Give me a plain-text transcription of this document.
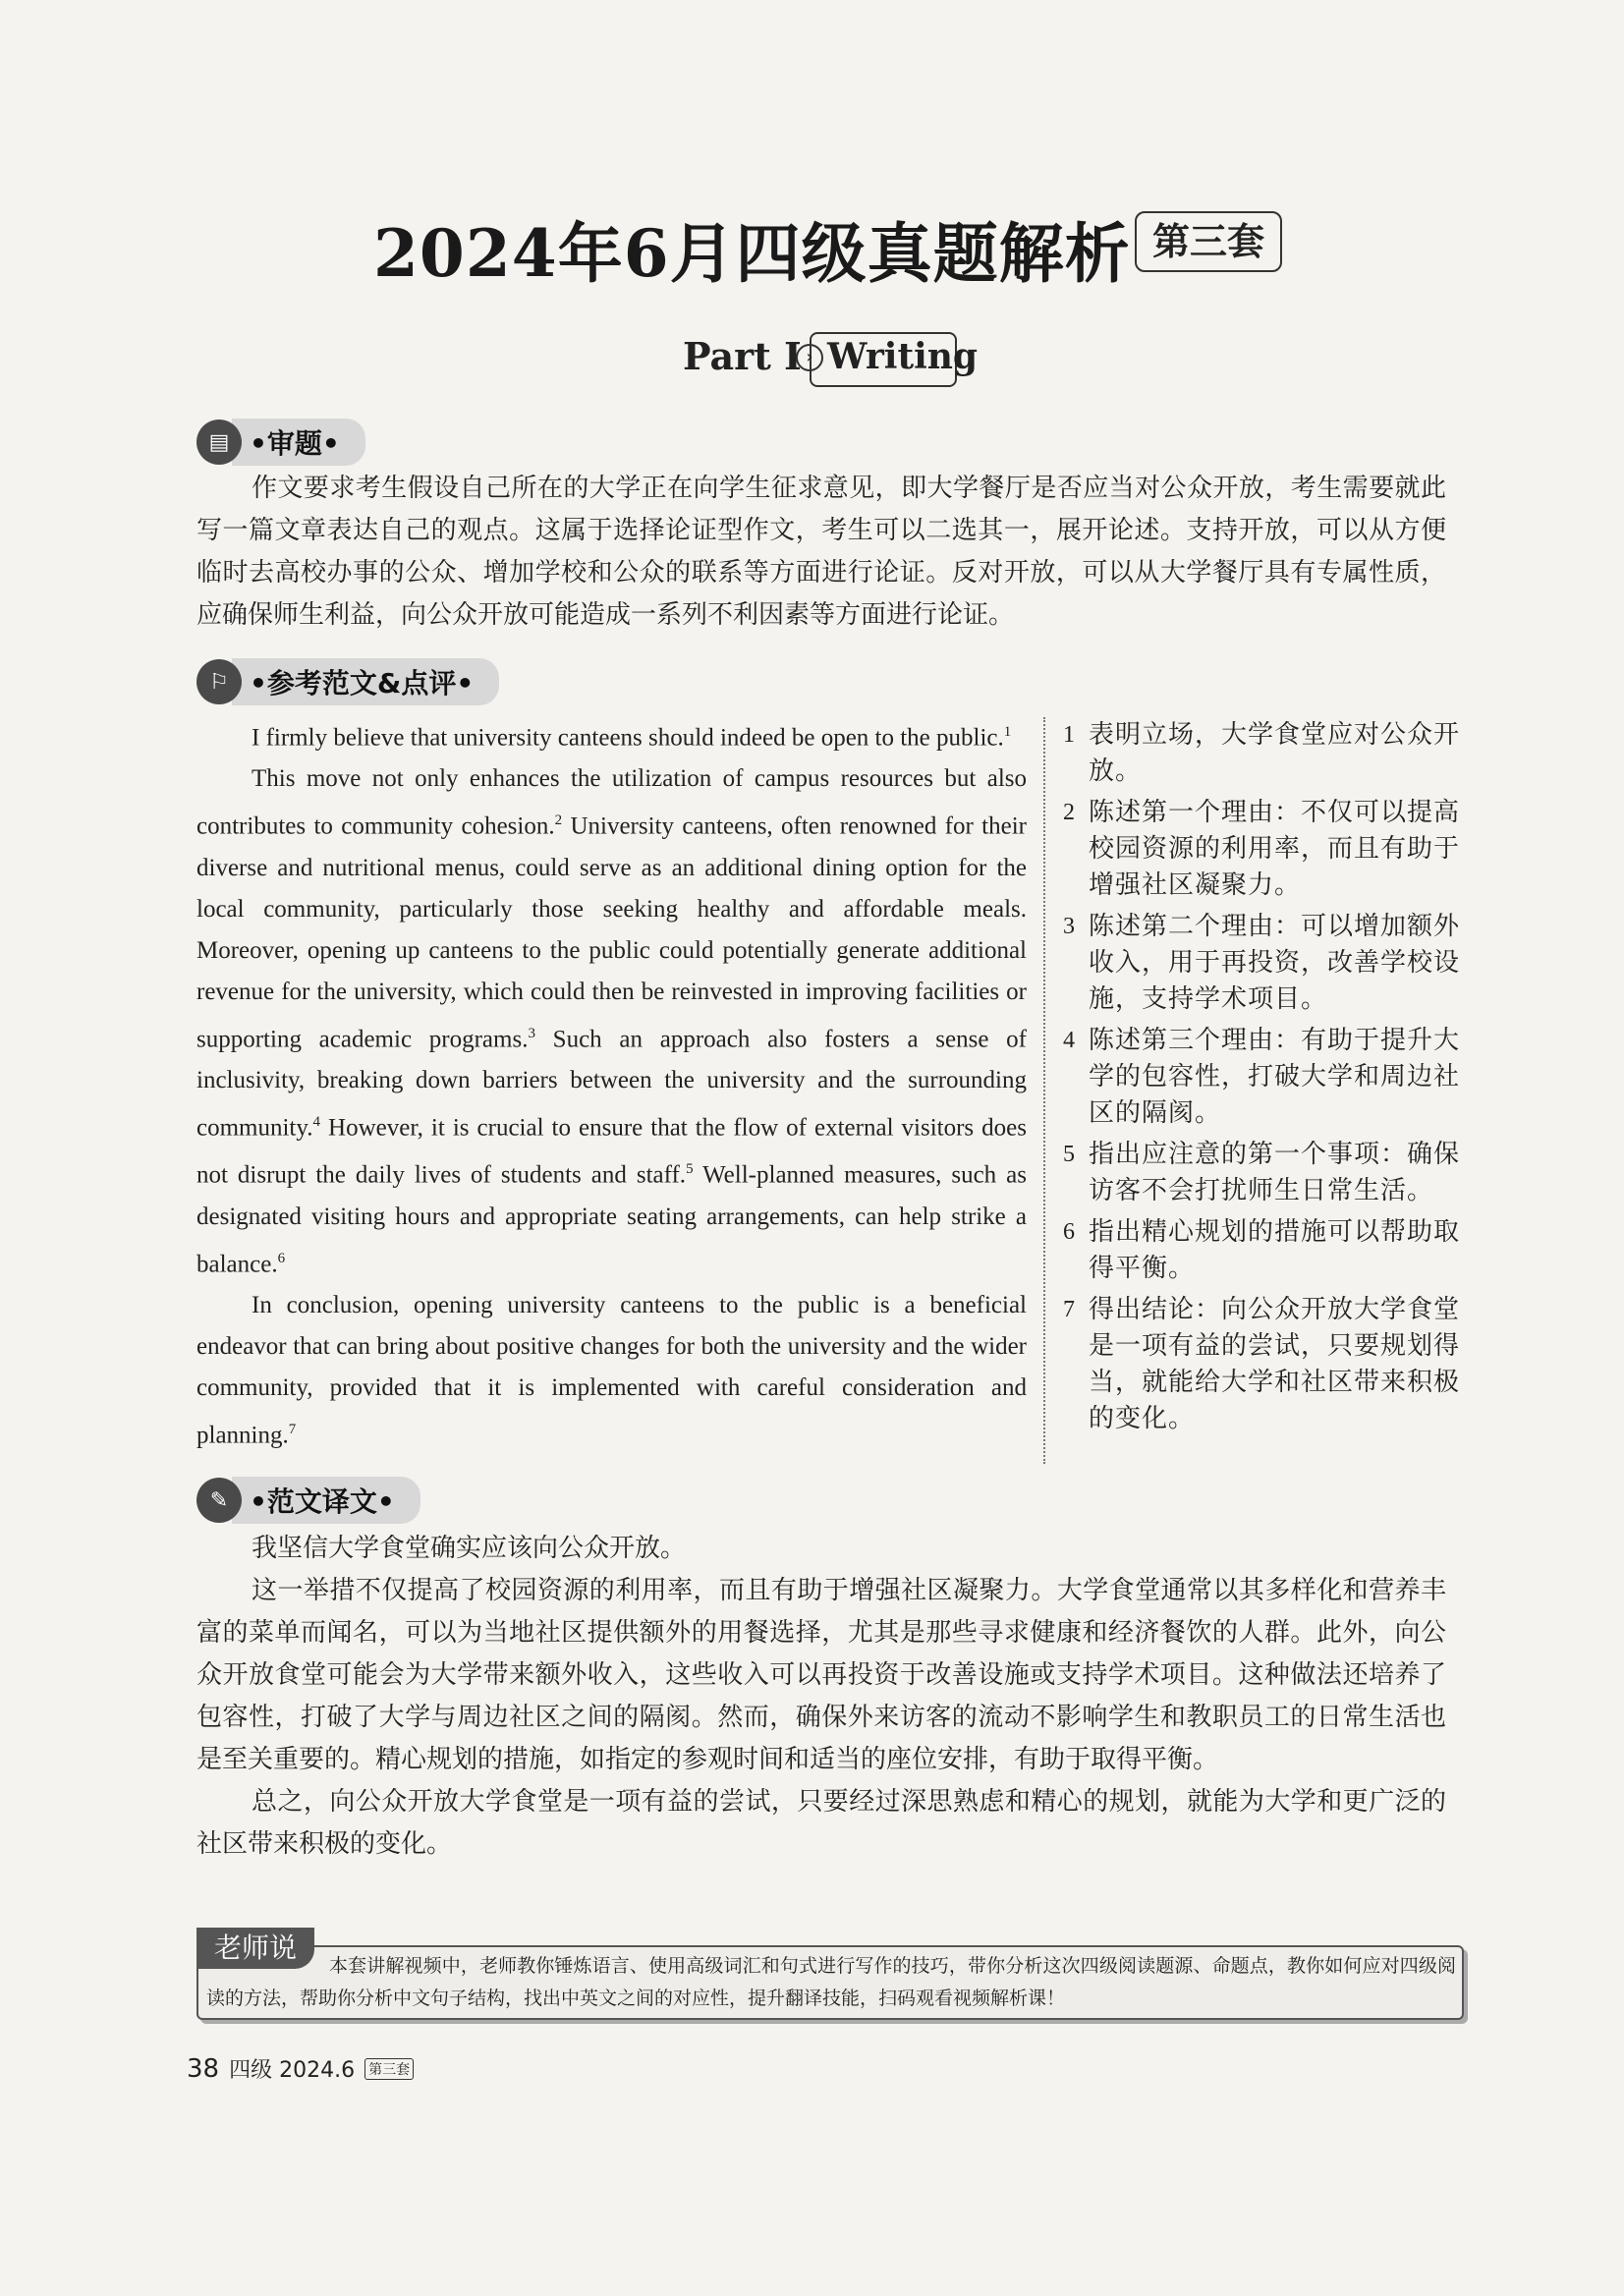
2024年6月四级真题解析 第三套
Part I › Writing
▤ •审题•

作文要求考生假设自己所在的大学正在向学生征求意见，即大学餐厅是否应当对公众开放，考生需要就此写一篇文章表达自己的观点。这属于选择论证型作文，考生可以二选其一，展开论述。支持开放，可以从方便临时去高校办事的公众、增加学校和公众的联系等方面进行论证。反对开放，可以从大学餐厅具有专属性质，应确保师生利益，向公众开放可能造成一系列不利因素等方面进行论证。

⚐ •参考范文&点评•

I firmly believe that university canteens should indeed be open to the public.$^1$

This move not only enhances the utilization of campus resources but also contributes to community cohesion.$^2$ University canteens, often renowned for their diverse and nutritional menus, could serve as an additional dining option for the local community, particularly those seeking healthy and affordable meals. Moreover, opening up canteens to the public could potentially generate additional revenue for the university, which could then be reinvested in improving facilities or supporting academic programs.$^3$ Such an approach also fosters a sense of inclusivity, breaking down barriers between the university and the surrounding community.$^4$ However, it is crucial to ensure that the flow of external visitors does not disrupt the daily lives of students and staff.$^5$ Well-planned measures, such as designated visiting hours and appropriate seating arrangements, can help strike a balance.$^6$

In conclusion, opening university canteens to the public is a beneficial endeavor that can bring about positive changes for both the university and the wider community, provided that it is implemented with careful consideration and planning.$^7$

1 表明立场，大学食堂应对公众开放。
2 陈述第一个理由：不仅可以提高校园资源的利用率，而且有助于增强社区凝聚力。
3 陈述第二个理由：可以增加额外收入，用于再投资，改善学校设施，支持学术项目。
4 陈述第三个理由：有助于提升大学的包容性，打破大学和周边社区的隔阂。
5 指出应注意的第一个事项：确保访客不会打扰师生日常生活。
6 指出精心规划的措施可以帮助取得平衡。
7 得出结论：向公众开放大学食堂是一项有益的尝试，只要规划得当，就能给大学和社区带来积极的变化。
✎ •范文译文•

我坚信大学食堂确实应该向公众开放。

这一举措不仅提高了校园资源的利用率，而且有助于增强社区凝聚力。大学食堂通常以其多样化和营养丰富的菜单而闻名，可以为当地社区提供额外的用餐选择，尤其是那些寻求健康和经济餐饮的人群。此外，向公众开放食堂可能会为大学带来额外收入，这些收入可以再投资于改善设施或支持学术项目。这种做法还培养了包容性，打破了大学与周边社区之间的隔阂。然而，确保外来访客的流动不影响学生和教职员工的日常生活也是至关重要的。精心规划的措施，如指定的参观时间和适当的座位安排，有助于取得平衡。

总之，向公众开放大学食堂是一项有益的尝试，只要经过深思熟虑和精心的规划，就能为大学和更广泛的社区带来积极的变化。

老师说
本套讲解视频中，老师教你锤炼语言、使用高级词汇和句式进行写作的技巧，带你分析这次四级阅读题源、命题点，教你如何应对四级阅读的方法，帮助你分析中文句子结构，找出中英文之间的对应性，提升翻译技能，扫码观看视频解析课！
38 四级 2024.6 第三套
